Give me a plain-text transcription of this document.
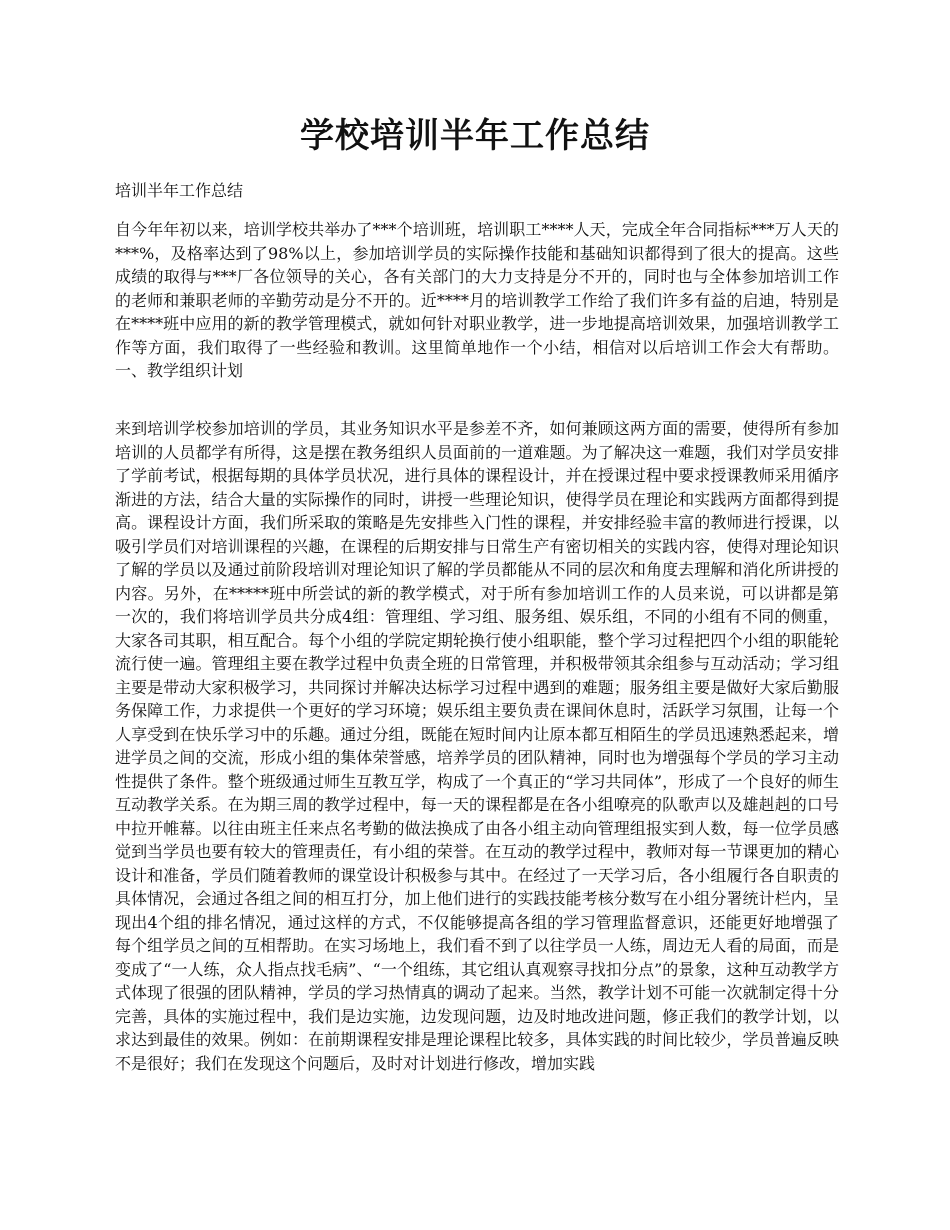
学校培训半年工作总结

培训半年工作总结

自今年年初以来，培训学校共举办了***个培训班，培训职工****人天，完成全年合同指标***万人天的***%，及格率达到了98%以上，参加培训学员的实际操作技能和基础知识都得到了很大的提高。这些成绩的取得与***厂各位领导的关心，各有关部门的大力支持是分不开的，同时也与全体参加培训工作的老师和兼职老师的辛勤劳动是分不开的。近****月的培训教学工作给了我们许多有益的启迪，特别是在****班中应用的新的教学管理模式，就如何针对职业教学，进一步地提高培训效果，加强培训教学工作等方面，我们取得了一些经验和教训。这里简单地作一个小结，相信对以后培训工作会大有帮助。一、教学组织计划

来到培训学校参加培训的学员，其业务知识水平是参差不齐，如何兼顾这两方面的需要，使得所有参加培训的人员都学有所得，这是摆在教务组织人员面前的一道难题。为了解决这一难题，我们对学员安排了学前考试，根据每期的具体学员状况，进行具体的课程设计，并在授课过程中要求授课教师采用循序渐进的方法，结合大量的实际操作的同时，讲授一些理论知识，使得学员在理论和实践两方面都得到提高。课程设计方面，我们所采取的策略是先安排些入门性的课程，并安排经验丰富的教师进行授课，以吸引学员们对培训课程的兴趣，在课程的后期安排与日常生产有密切相关的实践内容，使得对理论知识了解的学员以及通过前阶段培训对理论知识了解的学员都能从不同的层次和角度去理解和消化所讲授的内容。另外，在*****班中所尝试的新的教学模式，对于所有参加培训工作的人员来说，可以讲都是第一次的，我们将培训学员共分成4组：管理组、学习组、服务组、娱乐组，不同的小组有不同的侧重，大家各司其职，相互配合。每个小组的学院定期轮换行使小组职能，整个学习过程把四个小组的职能轮流行使一遍。管理组主要在教学过程中负责全班的日常管理，并积极带领其余组参与互动活动；学习组主要是带动大家积极学习，共同探讨并解决达标学习过程中遇到的难题；服务组主要是做好大家后勤服务保障工作，力求提供一个更好的学习环境；娱乐组主要负责在课间休息时，活跃学习氛围，让每一个人享受到在快乐学习中的乐趣。通过分组，既能在短时间内让原本都互相陌生的学员迅速熟悉起来，增进学员之间的交流，形成小组的集体荣誉感，培养学员的团队精神，同时也为增强每个学员的学习主动性提供了条件。整个班级通过师生互教互学，构成了一个真正的“学习共同体”，形成了一个良好的师生互动教学关系。在为期三周的教学过程中，每一天的课程都是在各小组嘹亮的队歌声以及雄赳赳的口号中拉开帷幕。以往由班主任来点名考勤的做法换成了由各小组主动向管理组报实到人数，每一位学员感觉到当学员也要有较大的管理责任，有小组的荣誉。在互动的教学过程中，教师对每一节课更加的精心设计和准备，学员们随着教师的课堂设计积极参与其中。在经过了一天学习后，各小组履行各自职责的具体情况，会通过各组之间的相互打分，加上他们进行的实践技能考核分数写在小组分署统计栏内，呈现出4个组的排名情况，通过这样的方式，不仅能够提高各组的学习管理监督意识，还能更好地增强了每个组学员之间的互相帮助。在实习场地上，我们看不到了以往学员一人练，周边无人看的局面，而是变成了“一人练，众人指点找毛病”、“一个组练，其它组认真观察寻找扣分点”的景象，这种互动教学方式体现了很强的团队精神，学员的学习热情真的调动了起来。当然，教学计划不可能一次就制定得十分完善，具体的实施过程中，我们是边实施，边发现问题，边及时地改进问题，修正我们的教学计划，以求达到最佳的效果。例如：在前期课程安排是理论课程比较多，具体实践的时间比较少，学员普遍反映不是很好；我们在发现这个问题后，及时对计划进行修改，增加实践
